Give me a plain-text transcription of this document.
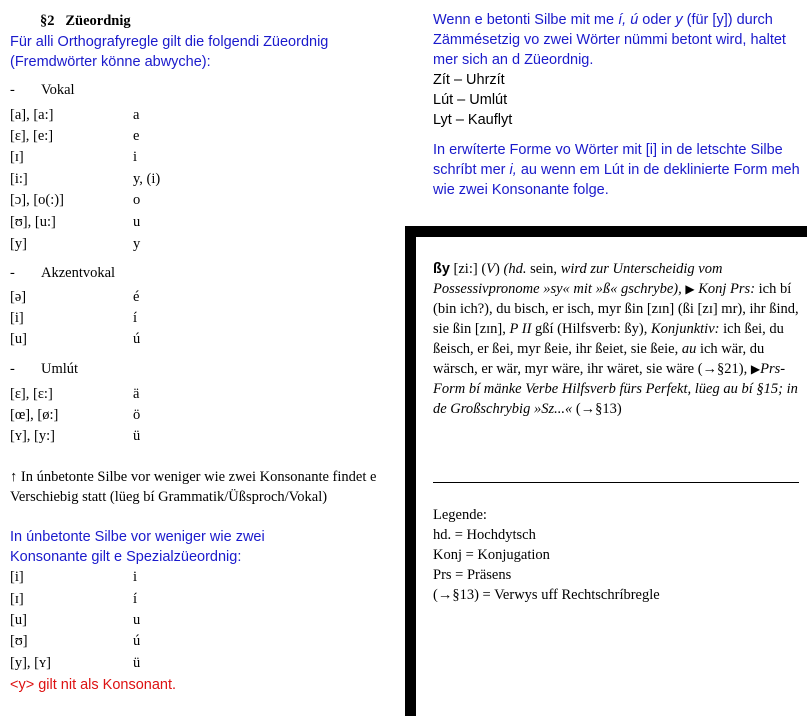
§2 Züeordnig
Für alli Orthografyregle gilt die folgendi Züeordnig (Fremdwörter könne abwyche):
- Vokal
[a], [a:]	a
[ɛ], [e:]	e
[ɪ]	i
[i:]	y, (i)
[ɔ], [o(:)]	o
[ʊ], [u:]	u
[y]	y
- Akzentvokal
[ə]	é
[i]	í
[u]	ú
- Umlút
[ɛ], [ɛ:]	ä
[œ], [ø:]	ö
[ʏ], [y:]	ü
↑ In únbetonte Silbe vor weniger wie zwei Konsonante findet e Verschiebig statt (lüeg bí Grammatik/Üßsproch/Vokal)
In únbetonte Silbe vor weniger wie zwei Konsonante gilt e Spezialzüeordnig:
[i]	i
[ɪ]	í
[u]	u
[ʊ]	ú
[y], [ʏ]	ü
<y> gilt nit als Konsonant.
Wenn e betonti Silbe mit me í, ú oder y (für [y]) durch Zämmésetzig vo zwei Wörter nümmi betont wird, haltet mer sich an d Züeordnig.
Zít – Uhrzít
Lút – Umlút
Lyt – Kauflyt
In erwíterte Forme vo Wörter mit [i] in de letschte Silbe schríbt mer i, au wenn em Lút in de deklinierte Form meh wie zwei Konsonante folge.
ßy [zi:] (V) (hd. sein, wird zur Unterscheidig vom Possessivpronome »sy« mit »ß« gschrybe), ▶ Konj Prs: ich bí (bin ich?), du bisch, er isch, myr ßin [zɪn] (ßi [zɪ] mr), ihr ßind, sie ßin [zɪn], P II gßí (Hilfsverb: ßy), Konjunktiv: ich ßei, du ßeisch, er ßei, myr ßeie, ihr ßeiet, sie ßeie, au ich wär, du wärsch, er wär, myr wäre, ihr wäret, sie wäre (→§21), ▶Prs-Form bí mänke Verbe Hilfsverb fürs Perfekt, lüeg au bí §15; in de Großschrybig »Sz...« (→§13)
Legende:
hd. = Hochdytsch
Konj = Konjugation
Prs = Präsens
(→§13) = Verwys uff Rechtschríbregle
